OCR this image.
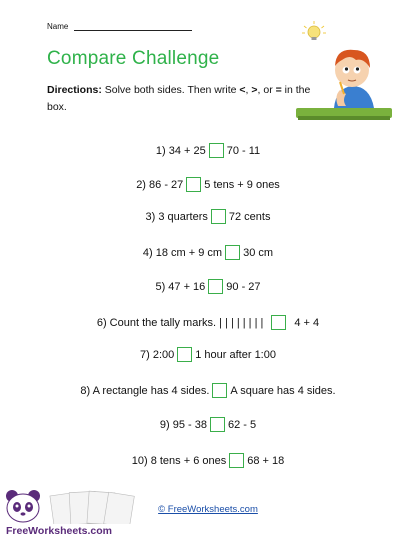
Name
Compare Challenge
Directions: Solve both sides. Then write <, >, or = in the box.
1) 34 + 25 70 - 11
2) 86 - 27 5 tens + 9 ones
3) 3 quarters 72 cents
4) 18 cm + 9 cm 30 cm
5) 47 + 16 90 - 27
6) Count the tally marks. | | | | | | | |	4 + 4
7) 2:00 1 hour after 1:00
8) A rectangle has 4 sides. A square has 4 sides.
9) 95 - 38 62 - 5
10) 8 tens + 6 ones 68 + 18
FreeWorksheets.com
© FreeWorksheets.com
